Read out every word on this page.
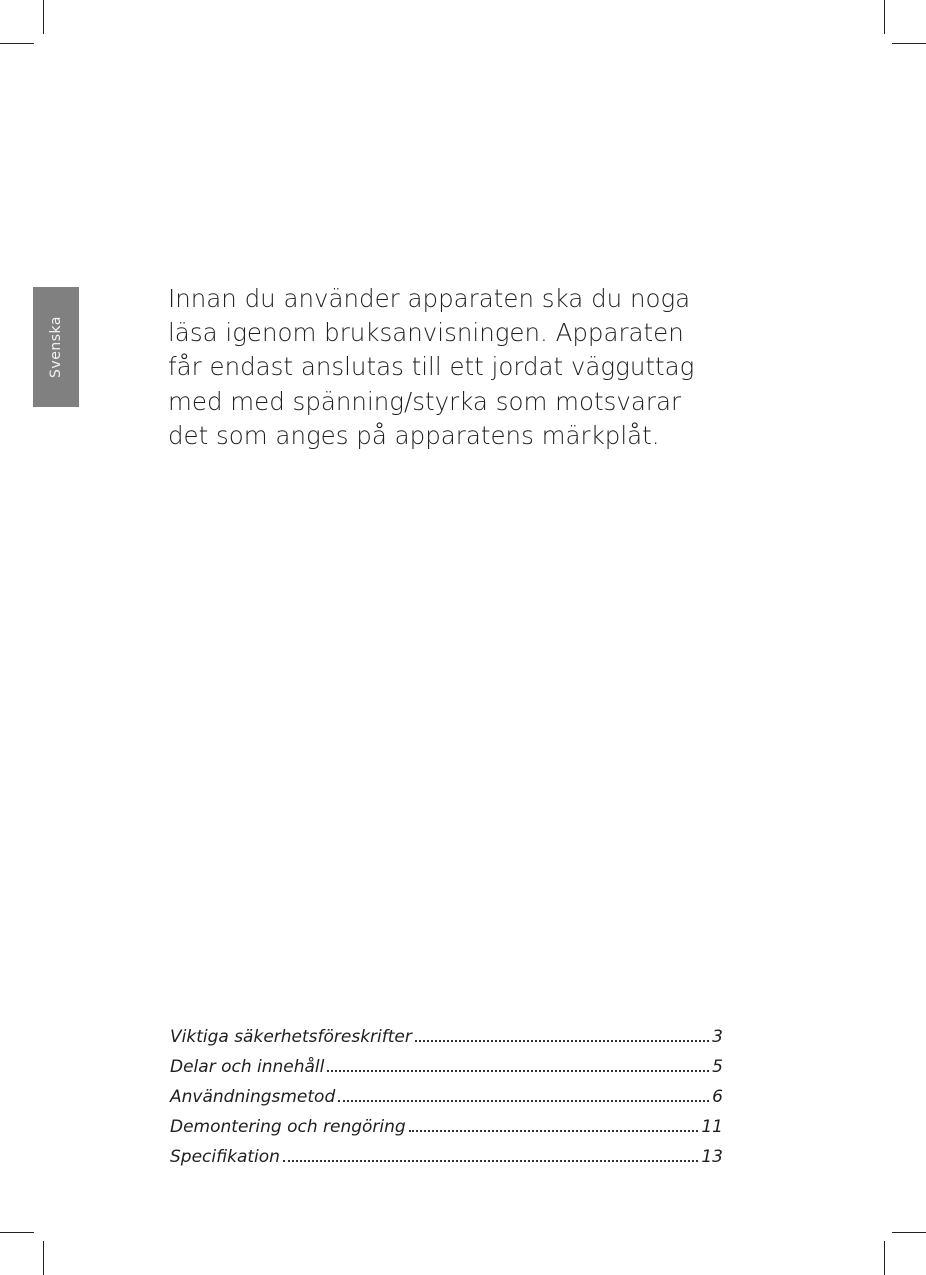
Svenska

Innan du använder apparaten ska du noga
läsa igenom bruksanvisningen. Apparaten
får endast anslutas till ett jordat vägguttag
med med spänning/styrka som motsvarar
det som anges på apparatens märkplåt.

Viktiga säkerhetsföreskrifter	3
Delar och innehåll	5
Användningsmetod	6
Demontering och rengöring	11
Specifikation	13
